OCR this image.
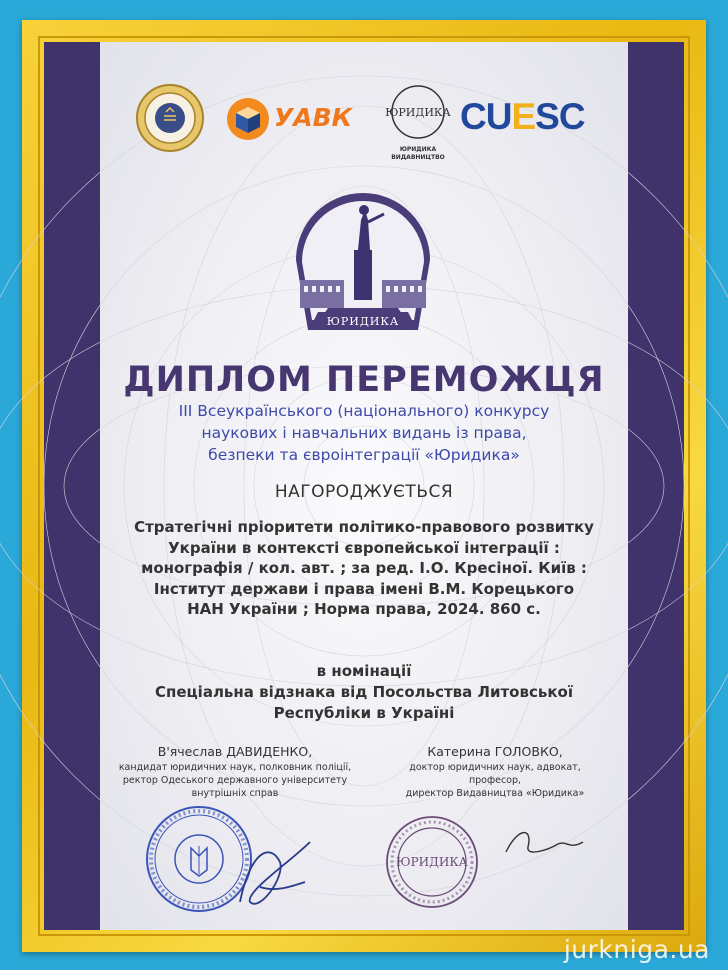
УАВК	ЮРИДИКА
ЮРИДИКА ВИДАВНИЦТВО
CUESC
ЮРИДИКА
ДИПЛОМ ПЕРЕМОЖЦЯ
III Всеукраїнського (національного) конкурсу
наукових і навчальних видань із права,
безпеки та євроінтеграції «Юридика»
НАГОРОДЖУЄТЬСЯ
Стратегічні пріоритети політико-правового розвитку
України в контексті європейської інтеграції :
монографія / кол. авт. ; за ред. І.О. Кресіної. Київ :
Інститут держави і права імені В.М. Корецького
НАН України ; Норма права, 2024. 860 с.
в номінації
Спеціальна відзнака від Посольства Литовської
Республіки в Україні
В'ячеслав ДАВИДЕНКО,
кандидат юридичних наук, полковник поліції,
ректор Одеського державного університету
внутрішніх справ
Катерина ГОЛОВКО,
доктор юридичних наук, адвокат,
професор,
директор Видавництва «Юридика»
ЮРИДИКА
jurkniga.ua
